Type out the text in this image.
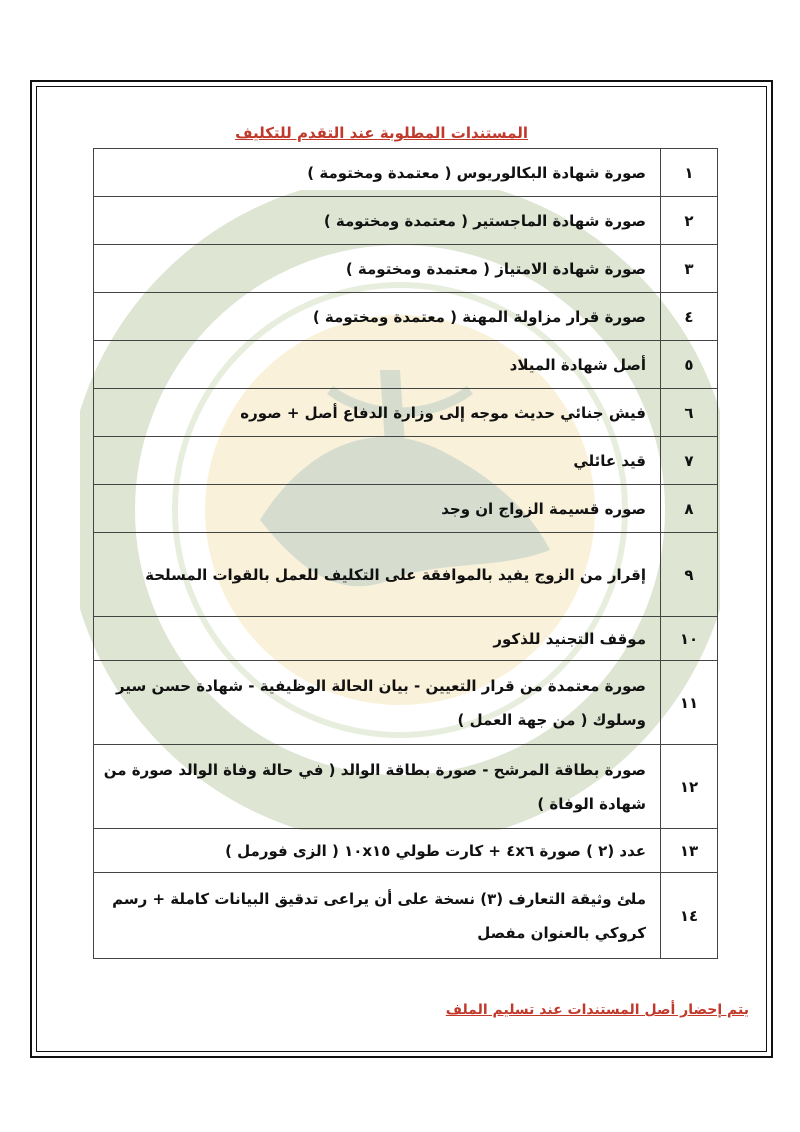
المستندات المطلوبة عند التقدم للتكليف
١	صورة شهادة البكالوريوس ( معتمدة ومختومة )
٢	صورة شهادة الماجستير ( معتمدة ومختومة )
٣	صورة شهادة الامتياز ( معتمدة ومختومة )
٤	صورة قرار مزاولة المهنة ( معتمدة ومختومة )
٥	أصل شهادة الميلاد
٦	فيش جنائي حديث موجه إلى وزارة الدفاع أصل + صوره
٧	قيد عائلي
٨	صوره قسيمة الزواج ان وجد
٩	إقرار من الزوج يفيد بالموافقة على التكليف للعمل بالقوات المسلحة
١٠	موقف التجنيد للذكور
١١	صورة معتمدة من قرار التعيين - بيان الحالة الوظيفية - شهادة حسن سير وسلوك ( من جهة العمل )
١٢	صورة بطاقة المرشح - صورة بطاقة الوالد ( في حالة وفاة الوالد صورة من شهادة الوفاة )
١٣	عدد (٢ ) صورة ٤x٦ + كارت طولي ١٠x١٥ ( الزى فورمل )
١٤	ملئ وثيقة التعارف (٣) نسخة على أن يراعى تدقيق البيانات كاملة + رسم كروكي بالعنوان مفصل
يتم إحضار أصل المستندات عند تسليم الملف
